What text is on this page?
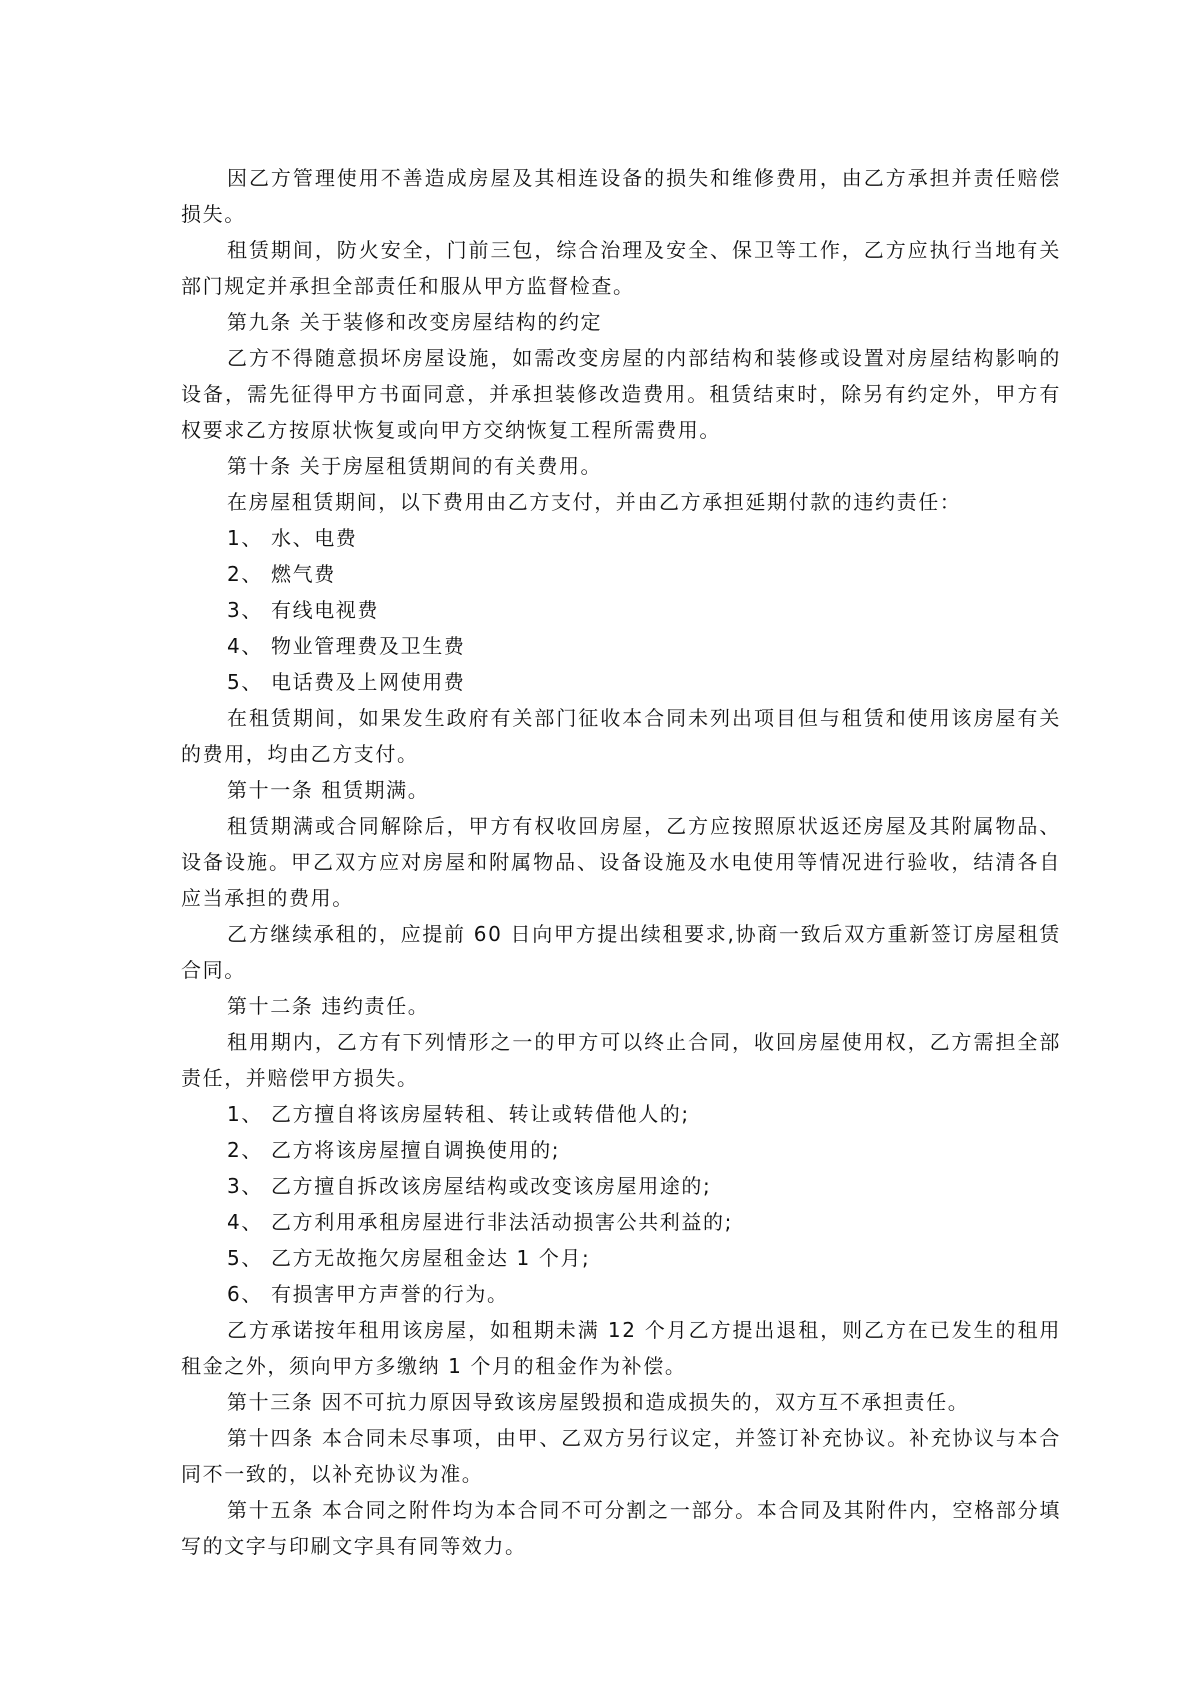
因乙方管理使用不善造成房屋及其相连设备的损失和维修费用，由乙方承担并责任赔偿损失。

租赁期间，防火安全，门前三包，综合治理及安全、保卫等工作，乙方应执行当地有关部门规定并承担全部责任和服从甲方监督检查。

第九条 关于装修和改变房屋结构的约定

乙方不得随意损坏房屋设施，如需改变房屋的内部结构和装修或设置对房屋结构影响的设备，需先征得甲方书面同意，并承担装修改造费用。租赁结束时，除另有约定外，甲方有权要求乙方按原状恢复或向甲方交纳恢复工程所需费用。

第十条 关于房屋租赁期间的有关费用。

在房屋租赁期间，以下费用由乙方支付，并由乙方承担延期付款的违约责任：

1、 水、电费

2、 燃气费

3、 有线电视费

4、 物业管理费及卫生费

5、 电话费及上网使用费

在租赁期间，如果发生政府有关部门征收本合同未列出项目但与租赁和使用该房屋有关的费用，均由乙方支付。

第十一条 租赁期满。

租赁期满或合同解除后，甲方有权收回房屋，乙方应按照原状返还房屋及其附属物品、设备设施。甲乙双方应对房屋和附属物品、设备设施及水电使用等情况进行验收，结清各自应当承担的费用。

乙方继续承租的，应提前 60 日向甲方提出续租要求,协商一致后双方重新签订房屋租赁合同。

第十二条 违约责任。

租用期内，乙方有下列情形之一的甲方可以终止合同，收回房屋使用权，乙方需担全部责任，并赔偿甲方损失。

1、 乙方擅自将该房屋转租、转让或转借他人的;

2、 乙方将该房屋擅自调换使用的;

3、 乙方擅自拆改该房屋结构或改变该房屋用途的;

4、 乙方利用承租房屋进行非法活动损害公共利益的;

5、 乙方无故拖欠房屋租金达 1 个月;

6、 有损害甲方声誉的行为。

乙方承诺按年租用该房屋，如租期未满 12 个月乙方提出退租，则乙方在已发生的租用租金之外，须向甲方多缴纳 1 个月的租金作为补偿。

第十三条 因不可抗力原因导致该房屋毁损和造成损失的，双方互不承担责任。

第十四条 本合同未尽事项，由甲、乙双方另行议定，并签订补充协议。补充协议与本合同不一致的，以补充协议为准。

第十五条 本合同之附件均为本合同不可分割之一部分。本合同及其附件内，空格部分填写的文字与印刷文字具有同等效力。
